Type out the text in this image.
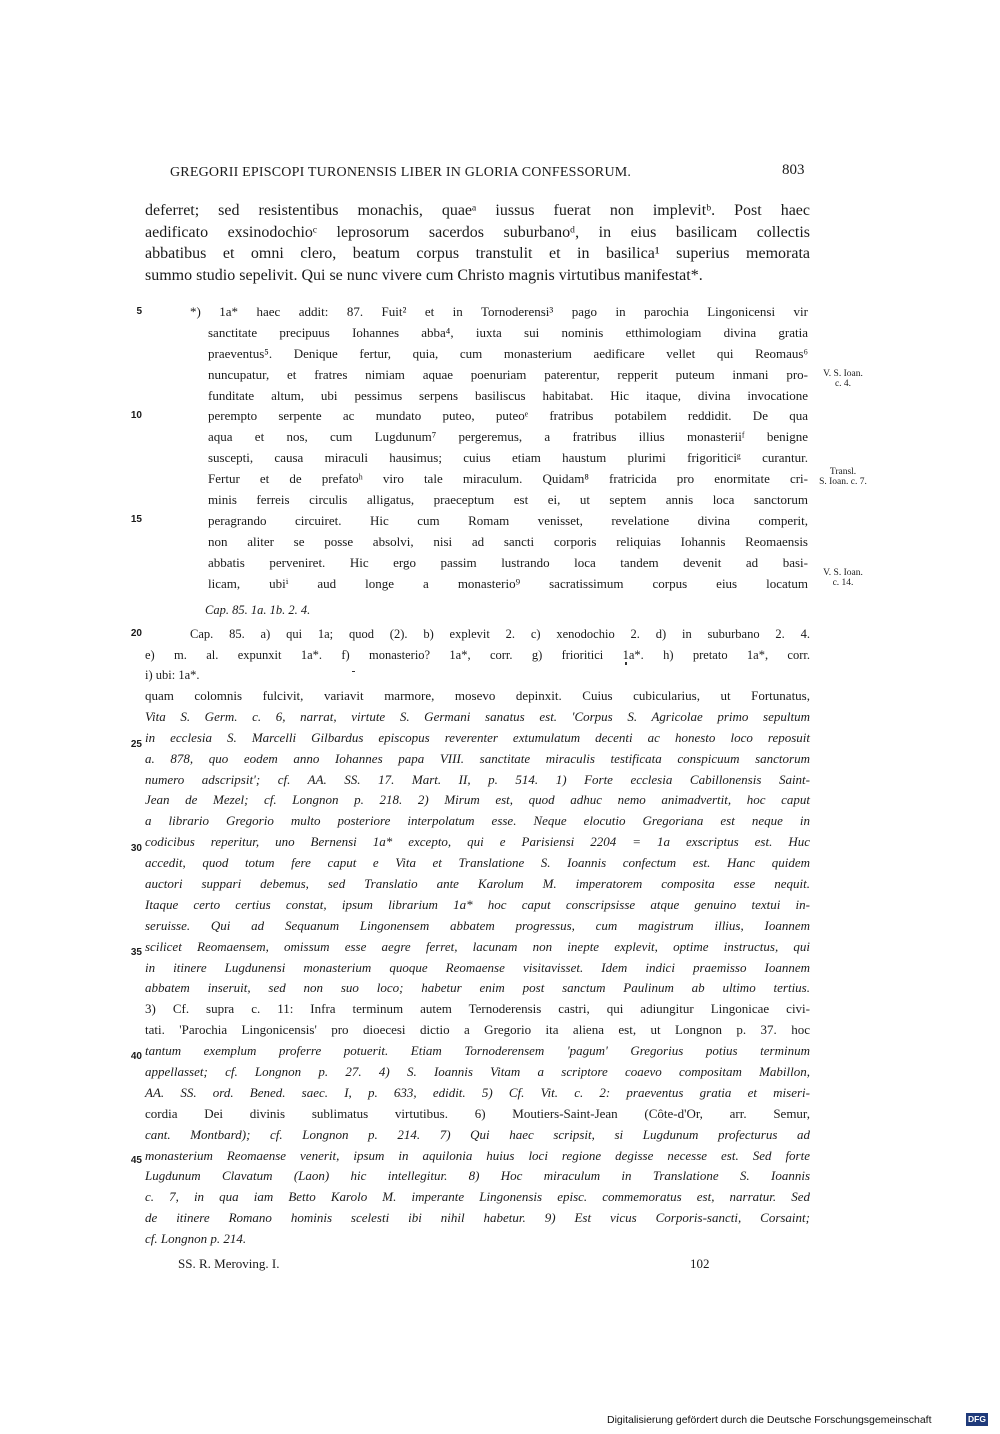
GREGORII EPISCOPI TURONENSIS LIBER IN GLORIA CONFESSORUM.	803
deferret; sed resistentibus monachis, quaeᵃ iussus fuerat non implevitᵇ. Post haec
aedificato exsinodochioᶜ leprosorum sacerdos suburbanoᵈ, in eius basilicam collectis
abbatibus et omni clero, beatum corpus transtulit et in basilica¹ superius memorata
summo studio sepelivit. Qui se nunc vivere cum Christo magnis virtutibus manifestat*.
*) 1a* haec addit: 87. Fuit² et in Tornoderensi³ pago in parochia Lingonicensi vir
sanctitate precipuus Iohannes abba⁴, iuxta sui nominis etthimologiam divina gratia
praeventus⁵. Denique fertur, quia, cum monasterium aedificare vellet qui Reomaus⁶
nuncupatur, et fratres nimiam aquae poenuriam paterentur, repperit puteum inmani pro-
funditate altum, ubi pessimus serpens basiliscus habitabat. Hic itaque, divina invocatione
perempto serpente ac mundato puteo, puteoᵉ fratribus potabilem reddidit. De qua
aqua et nos, cum Lugdunum⁷ pergeremus, a fratribus illius monasteriiᶠ benigne
suscepti, causa miraculi hausimus; cuius etiam haustum plurimi frigoriticiᵍ curantur.
Fertur et de prefatoʰ viro tale miraculum. Quidam⁸ fratricida pro enormitate cri-
minis ferreis circulis alligatus, praeceptum est ei, ut septem annis loca sanctorum
peragrando circuiret. Hic cum Romam venisset, revelatione divina comperit,
non aliter se posse absolvi, nisi ad sancti corporis reliquias Iohannis Reomaensis
abbatis perveniret. Hic ergo passim lustrando loca tandem devenit ad basi-
licam, ubiⁱ aud longe a monasterio⁹ sacratissimum corpus eius locatum
Cap. 85. 1a. 1b. 2. 4.
Cap. 85. a) qui 1a; quod (2). b) explevit 2. c) xenodochio 2. d) in suburbano 2. 4.
e) m. al. expunxit 1a*. f) monasterio? 1a*, corr. g) frioritici 1a*. h) pretato 1a*, corr.
i) ubi: 1a*.
quam colomnis fulcivit, variavit marmore, mosevo depinxit. Cuius cubicularius, ut Fortunatus,
Vita S. Germ. c. 6, narrat, virtute S. Germani sanatus est. 'Corpus S. Agricolae primo sepultum
in ecclesia S. Marcelli Gilbardus episcopus reverenter extumulatum decenti ac honesto loco reposuit
a. 878, quo eodem anno Iohannes papa VIII. sanctitate miraculis testificata conspicuum sanctorum
numero adscripsit'; cf. AA. SS. 17. Mart. II, p. 514. 1) Forte ecclesia Cabillonensis Saint-
Jean de Mezel; cf. Longnon p. 218. 2) Mirum est, quod adhuc nemo animadvertit, hoc caput
a librario Gregorio multo posteriore interpolatum esse. Neque elocutio Gregoriana est neque in
codicibus reperitur, uno Bernensi 1a* excepto, qui e Parisiensi 2204 = 1a exscriptus est. Huc
accedit, quod totum fere caput e Vita et Translatione S. Ioannis confectum est. Hanc quidem
auctori suppari debemus, sed Translatio ante Karolum M. imperatorem composita esse nequit.
Itaque certo certius constat, ipsum librarium 1a* hoc caput conscripsisse atque genuino textui in-
seruisse. Qui ad Sequanum Lingonensem abbatem progressus, cum magistrum illius, Ioannem
scilicet Reomaensem, omissum esse aegre ferret, lacunam non inepte explevit, optime instructus, qui
in itinere Lugdunensi monasterium quoque Reomaense visitavisset. Idem indici praemisso Ioannem
abbatem inseruit, sed non suo loco; habetur enim post sanctum Paulinum ab ultimo tertius.
3) Cf. supra c. 11: Infra terminum autem Ternoderensis castri, qui adiungitur Lingonicae civi-
tati. 'Parochia Lingonicensis' pro dioecesi dictio a Gregorio ita aliena est, ut Longnon p. 37. hoc
tantum exemplum proferre potuerit. Etiam Tornoderensem 'pagum' Gregorius potius terminum
appellasset; cf. Longnon p. 27. 4) S. Ioannis Vitam a scriptore coaevo compositam Mabillon,
AA. SS. ord. Bened. saec. I, p. 633, edidit. 5) Cf. Vit. c. 2: praeventus gratia et miseri-
cordia Dei divinis sublimatus virtutibus. 6) Moutiers-Saint-Jean (Côte-d'Or, arr. Semur,
cant. Montbard); cf. Longnon p. 214. 7) Qui haec scripsit, si Lugdunum profecturus ad
monasterium Reomaense venerit, ipsum in aquilonia huius loci regione degisse necesse est. Sed forte
Lugdunum Clavatum (Laon) hic intellegitur. 8) Hoc miraculum in Translatione S. Ioannis
c. 7, in qua iam Betto Karolo M. imperante Lingonensis episc. commemoratus est, narratur. Sed
de itinere Romano hominis scelesti ibi nihil habetur. 9) Est vicus Corporis-sancti, Corsaint;
cf. Longnon p. 214.
5
10
15
20
25
30
35
40
45
V. S. Ioan.
c. 4.
Transl.
S. Ioan. c. 7.
V. S. Ioan.
c. 14.
SS. R. Meroving. I.	102
Digitalisierung gefördert durch die Deutsche Forschungsgemeinschaft	DFG
